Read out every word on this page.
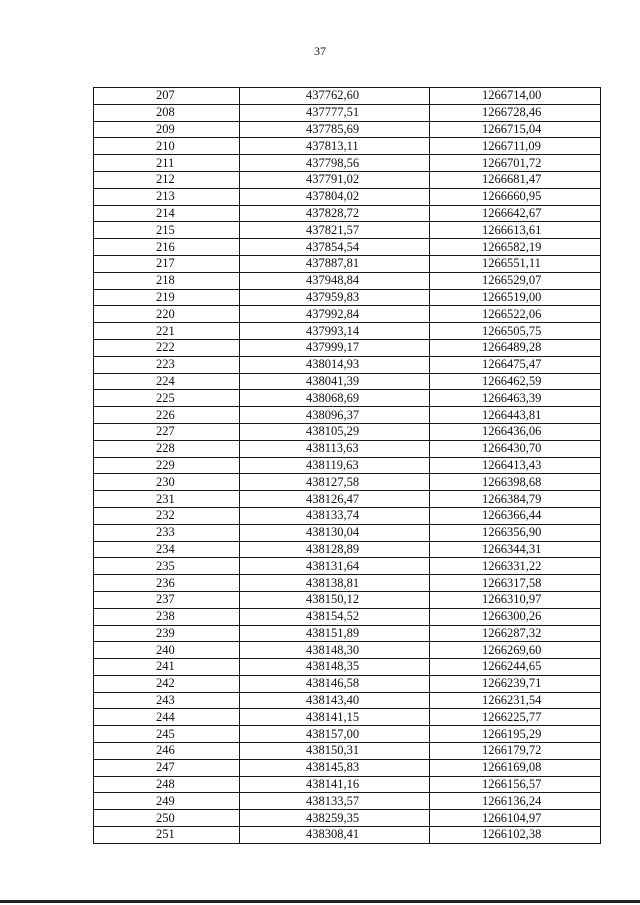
37
207	437762,60	1266714,00
208	437777,51	1266728,46
209	437785,69	1266715,04
210	437813,11	1266711,09
211	437798,56	1266701,72
212	437791,02	1266681,47
213	437804,02	1266660,95
214	437828,72	1266642,67
215	437821,57	1266613,61
216	437854,54	1266582,19
217	437887,81	1266551,11
218	437948,84	1266529,07
219	437959,83	1266519,00
220	437992,84	1266522,06
221	437993,14	1266505,75
222	437999,17	1266489,28
223	438014,93	1266475,47
224	438041,39	1266462,59
225	438068,69	1266463,39
226	438096,37	1266443,81
227	438105,29	1266436,06
228	438113,63	1266430,70
229	438119,63	1266413,43
230	438127,58	1266398,68
231	438126,47	1266384,79
232	438133,74	1266366,44
233	438130,04	1266356,90
234	438128,89	1266344,31
235	438131,64	1266331,22
236	438138,81	1266317,58
237	438150,12	1266310,97
238	438154,52	1266300,26
239	438151,89	1266287,32
240	438148,30	1266269,60
241	438148,35	1266244,65
242	438146,58	1266239,71
243	438143,40	1266231,54
244	438141,15	1266225,77
245	438157,00	1266195,29
246	438150,31	1266179,72
247	438145,83	1266169,08
248	438141,16	1266156,57
249	438133,57	1266136,24
250	438259,35	1266104,97
251	438308,41	1266102,38
